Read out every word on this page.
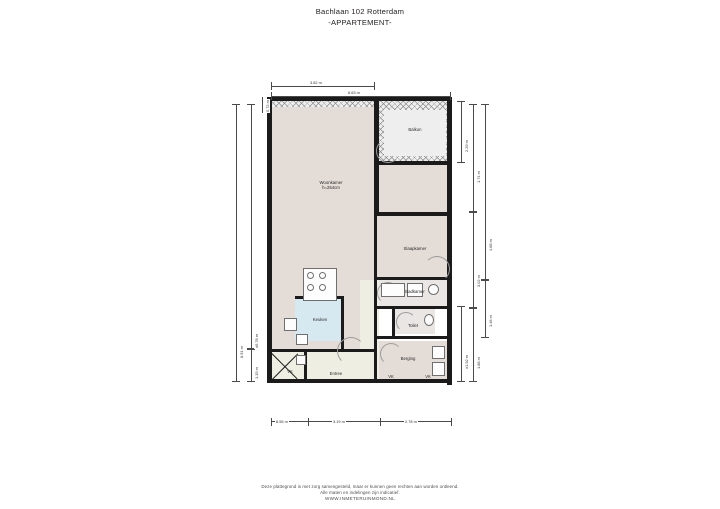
Bachlaan 102 Rotterdam
-APPARTEMENT-
Woonkamer
h=254cm
Slaapkamer
Badkamer
Toilet
Berging
Keuken
Entree
Balkon
VK
VK	VK
3.82 m
6.63 m
8.51 m
±0.76 m
1.15 m
0.72 m
2.29 m
1.74 m
4.68 m
3.02 m
1.46 m
±1.92 m 1.88 m
8.55 m	3.19 m	2.78 m
Deze plattegrond is met zorg samengesteld, maar er kunnen geen rechten aan worden ontleend.
Alle maten en indelingen zijn indicatief.
WWW.INMETERUINMOND.NL
